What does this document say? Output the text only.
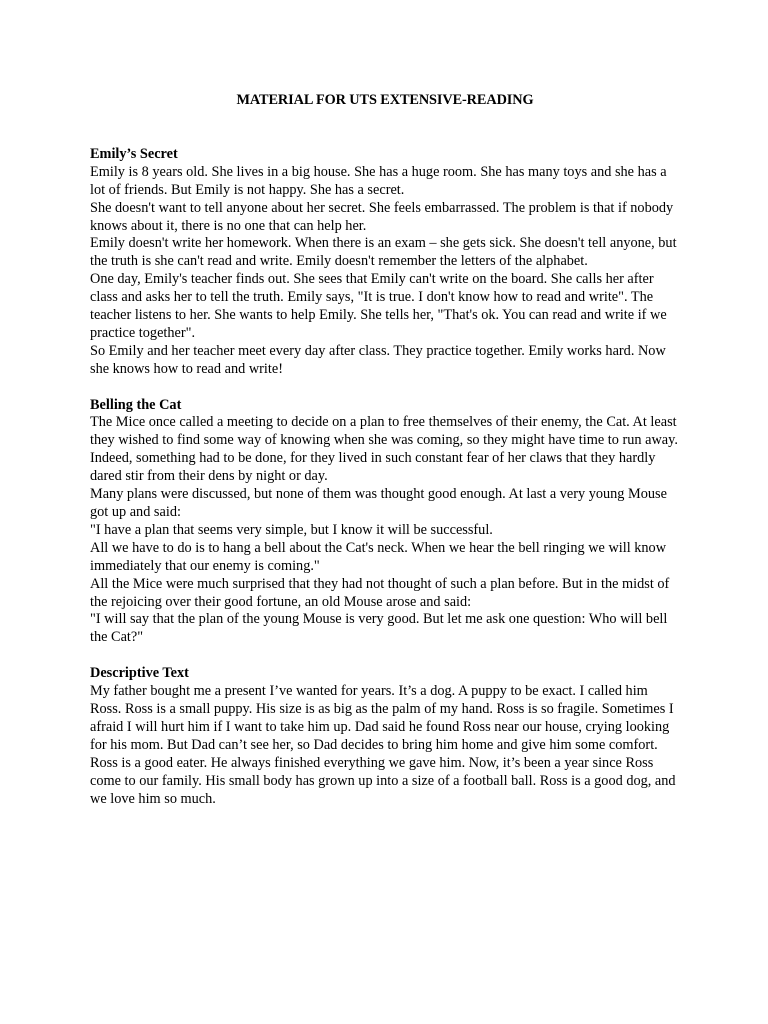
MATERIAL FOR UTS EXTENSIVE-READING
Emily’s Secret

Emily is 8 years old. She lives in a big house. She has a huge room. She has many toys and she has a lot of friends. But Emily is not happy. She has a secret.

She doesn't want to tell anyone about her secret. She feels embarrassed. The problem is that if nobody knows about it, there is no one that can help her.

Emily doesn't write her homework. When there is an exam – she gets sick. She doesn't tell anyone, but the truth is she can't read and write. Emily doesn't remember the letters of the alphabet.

One day, Emily's teacher finds out. She sees that Emily can't write on the board. She calls her after class and asks her to tell the truth. Emily says, "It is true. I don't know how to read and write". The teacher listens to her. She wants to help Emily. She tells her, "That's ok. You can read and write if we practice together".

So Emily and her teacher meet every day after class. They practice together. Emily works hard. Now she knows how to read and write!

Belling the Cat

The Mice once called a meeting to decide on a plan to free themselves of their enemy, the Cat. At least they wished to find some way of knowing when she was coming, so they might have time to run away. Indeed, something had to be done, for they lived in such constant fear of her claws that they hardly dared stir from their dens by night or day.

Many plans were discussed, but none of them was thought good enough. At last a very young Mouse got up and said:

"I have a plan that seems very simple, but I know it will be successful.

All we have to do is to hang a bell about the Cat's neck. When we hear the bell ringing we will know immediately that our enemy is coming."

All the Mice were much surprised that they had not thought of such a plan before. But in the midst of the rejoicing over their good fortune, an old Mouse arose and said:

"I will say that the plan of the young Mouse is very good. But let me ask one question: Who will bell the Cat?"

Descriptive Text

My father bought me a present I’ve wanted for years. It’s a dog. A puppy to be exact. I called him Ross. Ross is a small puppy. His size is as big as the palm of my hand. Ross is so fragile. Sometimes I afraid I will hurt him if I want to take him up. Dad said he found Ross near our house, crying looking for his mom. But Dad can’t see her, so Dad decides to bring him home and give him some comfort. Ross is a good eater. He always finished everything we gave him. Now, it’s been a year since Ross come to our family. His small body has grown up into a size of a football ball. Ross is a good dog, and we love him so much.
